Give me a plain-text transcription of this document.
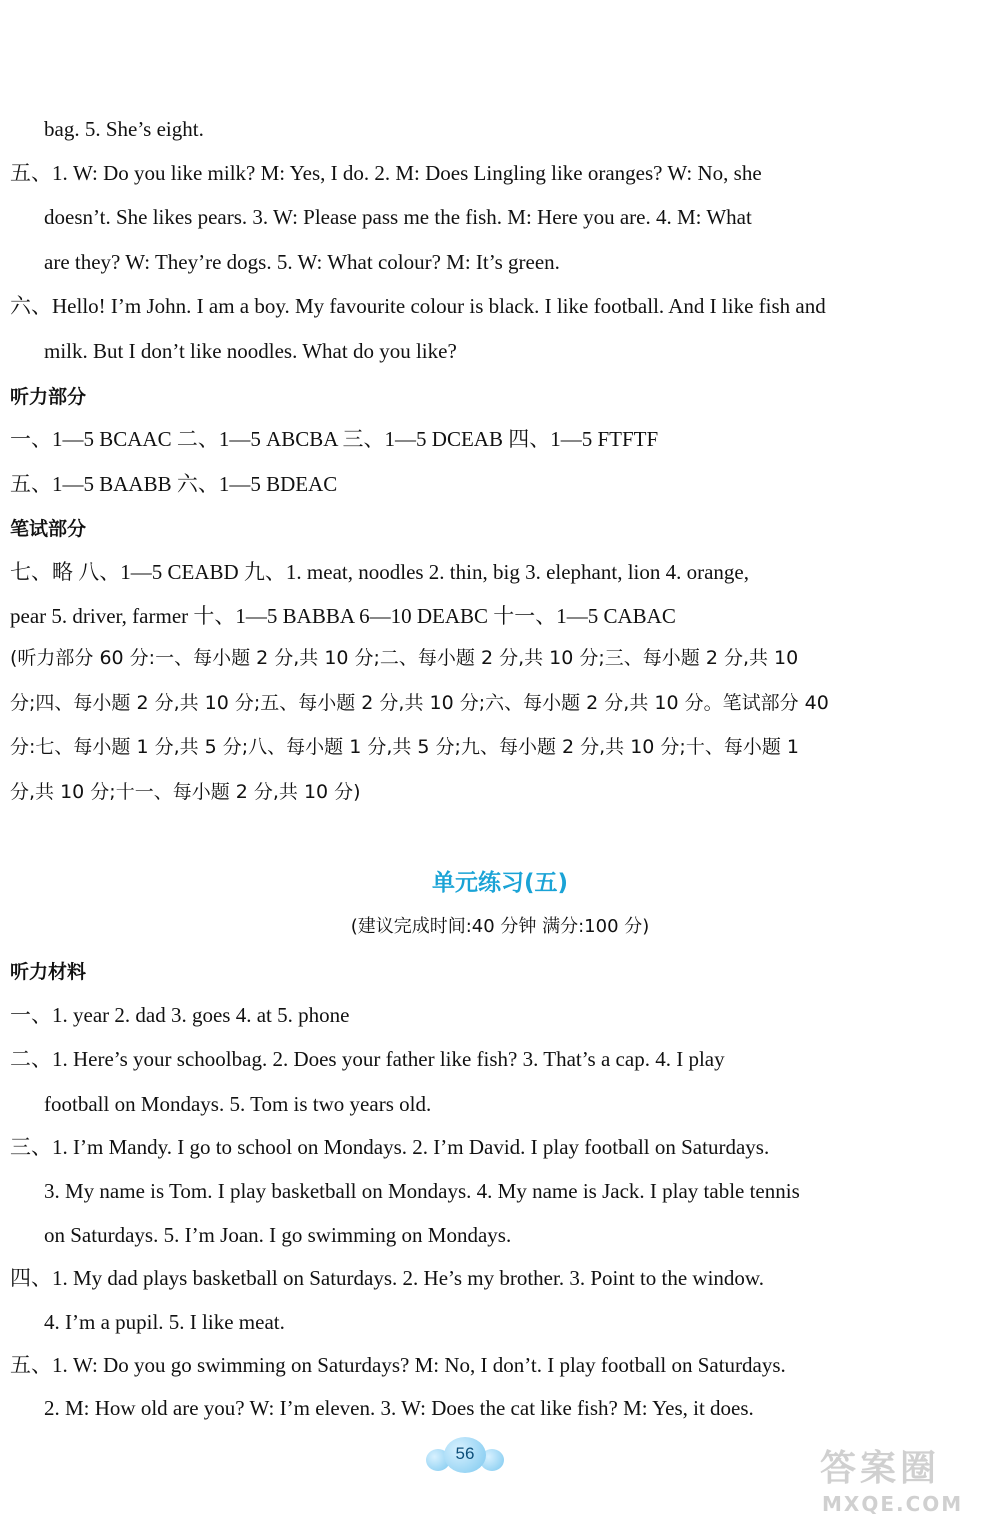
bag. 5. She’s eight.
五、1. W: Do you like milk? M: Yes, I do. 2. M: Does Lingling like oranges? W: No, she
doesn’t. She likes pears. 3. W: Please pass me the fish. M: Here you are. 4. M: What
are they? W: They’re dogs. 5. W: What colour? M: It’s green.
六、Hello! I’m John. I am a boy. My favourite colour is black. I like football. And I like fish and
milk. But I don’t like noodles. What do you like?
听力部分
一、1—5 BCAAC 二、1—5 ABCBA 三、1—5 DCEAB 四、1—5 FTFTF
五、1—5 BAABB 六、1—5 BDEAC
笔试部分
七、略 八、1—5 CEABD 九、1. meat, noodles 2. thin, big 3. elephant, lion 4. orange,
pear 5. driver, farmer 十、1—5 BABBA 6—10 DEABC 十一、1—5 CABAC
(听力部分 60 分:一、每小题 2 分,共 10 分;二、每小题 2 分,共 10 分;三、每小题 2 分,共 10
分;四、每小题 2 分,共 10 分;五、每小题 2 分,共 10 分;六、每小题 2 分,共 10 分。笔试部分 40
分:七、每小题 1 分,共 5 分;八、每小题 1 分,共 5 分;九、每小题 2 分,共 10 分;十、每小题 1
分,共 10 分;十一、每小题 2 分,共 10 分)
单元练习(五)
(建议完成时间:40 分钟 满分:100 分)
听力材料
一、1. year 2. dad 3. goes 4. at 5. phone
二、1. Here’s your schoolbag. 2. Does your father like fish? 3. That’s a cap. 4. I play
football on Mondays. 5. Tom is two years old.
三、1. I’m Mandy. I go to school on Mondays. 2. I’m David. I play football on Saturdays.
3. My name is Tom. I play basketball on Mondays. 4. My name is Jack. I play table tennis
on Saturdays. 5. I’m Joan. I go swimming on Mondays.
四、1. My dad plays basketball on Saturdays. 2. He’s my brother. 3. Point to the window.
4. I’m a pupil. 5. I like meat.
五、1. W: Do you go swimming on Saturdays? M: No, I don’t. I play football on Saturdays.
2. M: How old are you? W: I’m eleven. 3. W: Does the cat like fish? M: Yes, it does.
56	答案圈
MXQE.COM
